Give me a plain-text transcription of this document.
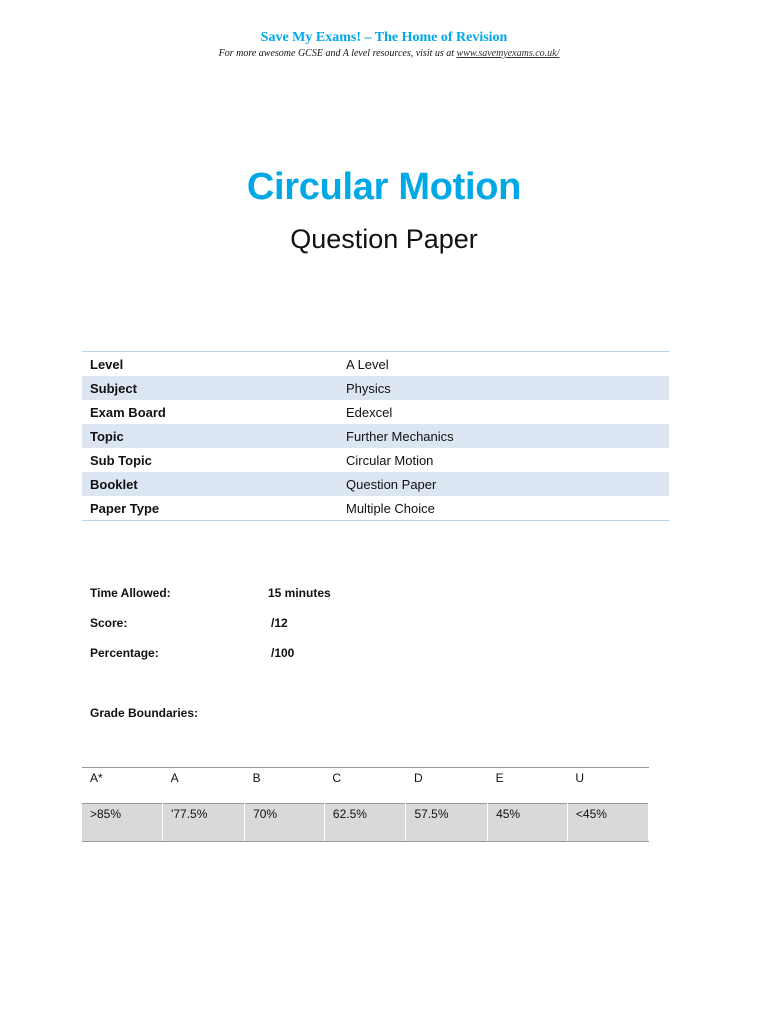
Save My Exams! – The Home of Revision
For more awesome GCSE and A level resources, visit us at www.savemyexams.co.uk/
Circular Motion
Question Paper
Level	A Level
Subject	Physics
Exam Board	Edexcel
Topic	Further Mechanics
Sub Topic	Circular Motion
Booklet	Question Paper
Paper Type	Multiple Choice
Time Allowed:	15 minutes
Score:	/12
Percentage:	/100
Grade Boundaries:
A*	A	B	C	D	E	U
>85%	'77.5%	70%	62.5%	57.5%	45%	<45%
